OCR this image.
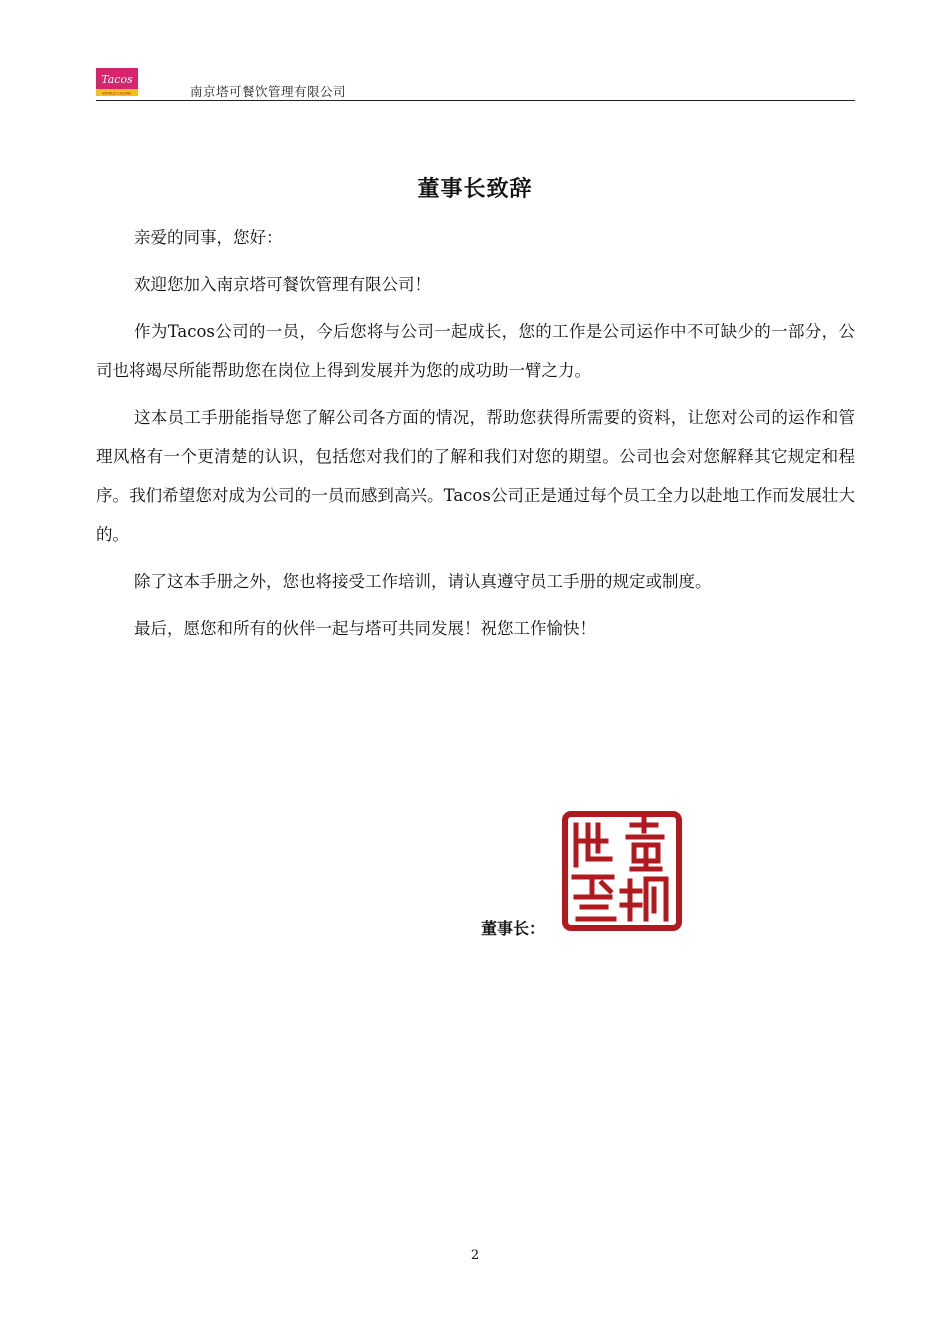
Tacos
WORLD CUISINE	南京塔可餐饮管理有限公司
董事长致辞

亲爱的同事，您好：

欢迎您加入南京塔可餐饮管理有限公司！

作为Tacos公司的一员，今后您将与公司一起成长，您的工作是公司运作中不可缺少的一部分，公司也将竭尽所能帮助您在岗位上得到发展并为您的成功助一臂之力。

这本员工手册能指导您了解公司各方面的情况，帮助您获得所需要的资料，让您对公司的运作和管理风格有一个更清楚的认识，包括您对我们的了解和我们对您的期望。公司也会对您解释其它规定和程序。我们希望您对成为公司的一员而感到高兴。Tacos公司正是通过每个员工全力以赴地工作而发展壮大的。

除了这本手册之外，您也将接受工作培训，请认真遵守员工手册的规定或制度。

最后，愿您和所有的伙伴一起与塔可共同发展！祝您工作愉快！

董事长：
2
